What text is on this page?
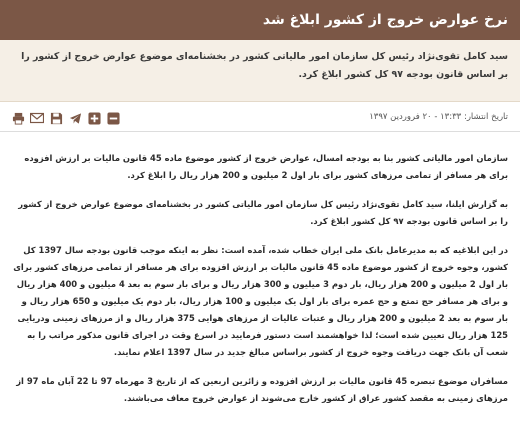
نرخ عوارض خروج از کشور ابلاغ شد

سید کامل تقوی‌نژاد رئیس کل سازمان امور مالیاتی کشور در بخشنامه‌ای موضوع عوارض خروج از کشور را بر اساس قانون بودجه ۹۷ کل کشور ابلاغ کرد.

تاریخ انتشار: ۱۳:۳۳ - ۲۰ فروردین ۱۳۹۷

سازمان امور مالیاتی کشور بنا به بودجه امسال، عوارض خروج از کشور موضوع ماده 45 قانون مالیات بر ارزش افزوده برای هر مسافر از تمامی مرزهای کشور برای بار اول 2 میلیون و 200 هزار ریال را ابلاغ کرد.

به گزارش ایلنا، سید کامل تقوی‌نژاد رئیس کل سازمان امور مالیاتی کشور در بخشنامه‌ای موضوع عوارض خروج از کشور را بر اساس قانون بودجه ۹۷ کل کشور ابلاغ کرد.

در این ابلاغیه که به مدیرعامل بانک ملی ایران خطاب شده، آمده است: نظر به اینکه موجب قانون بودجه سال 1397 کل کشور، وجوه خروج از کشور موضوع ماده 45 قانون مالیات بر ارزش افزوده برای هر مسافر از تمامی مرزهای کشور برای بار اول 2 میلیون و 200 هزار ریال، بار دوم 3 میلیون و 300 هزار ریال و برای بار سوم به بعد 4 میلیون و 400 هزار ریال و برای هر مسافر حج تمتع و حج عمره برای بار اول یک میلیون و 100 هزار ریال، بار دوم یک میلیون و 650 هزار ریال و بار سوم به بعد 2 میلیون و 200 هزار ریال و عتبات عالیات از مرزهای هوایی 375 هزار ریال و از مرزهای زمینی ودریایی 125 هزار ریال تعیین شده است؛ لذا خواهشمند است دستور فرمایید در اسرع وقت در اجرای قانون مذکور مراتب را به شعب آن بانک جهت دریافت وجوه خروج از کشور براساس مبالغ جدید در سال 1397 اعلام نمایند.

مسافران موضوع تبصره 45 قانون مالیات بر ارزش افزوده و زائرین اربعین که از تاریخ 3 مهرماه 97 تا 22 آبان ماه 97 از مرزهای زمینی به مقصد کشور عراق از کشور خارج می‌شوند از عوارض خروج معاف می‌باشند.
